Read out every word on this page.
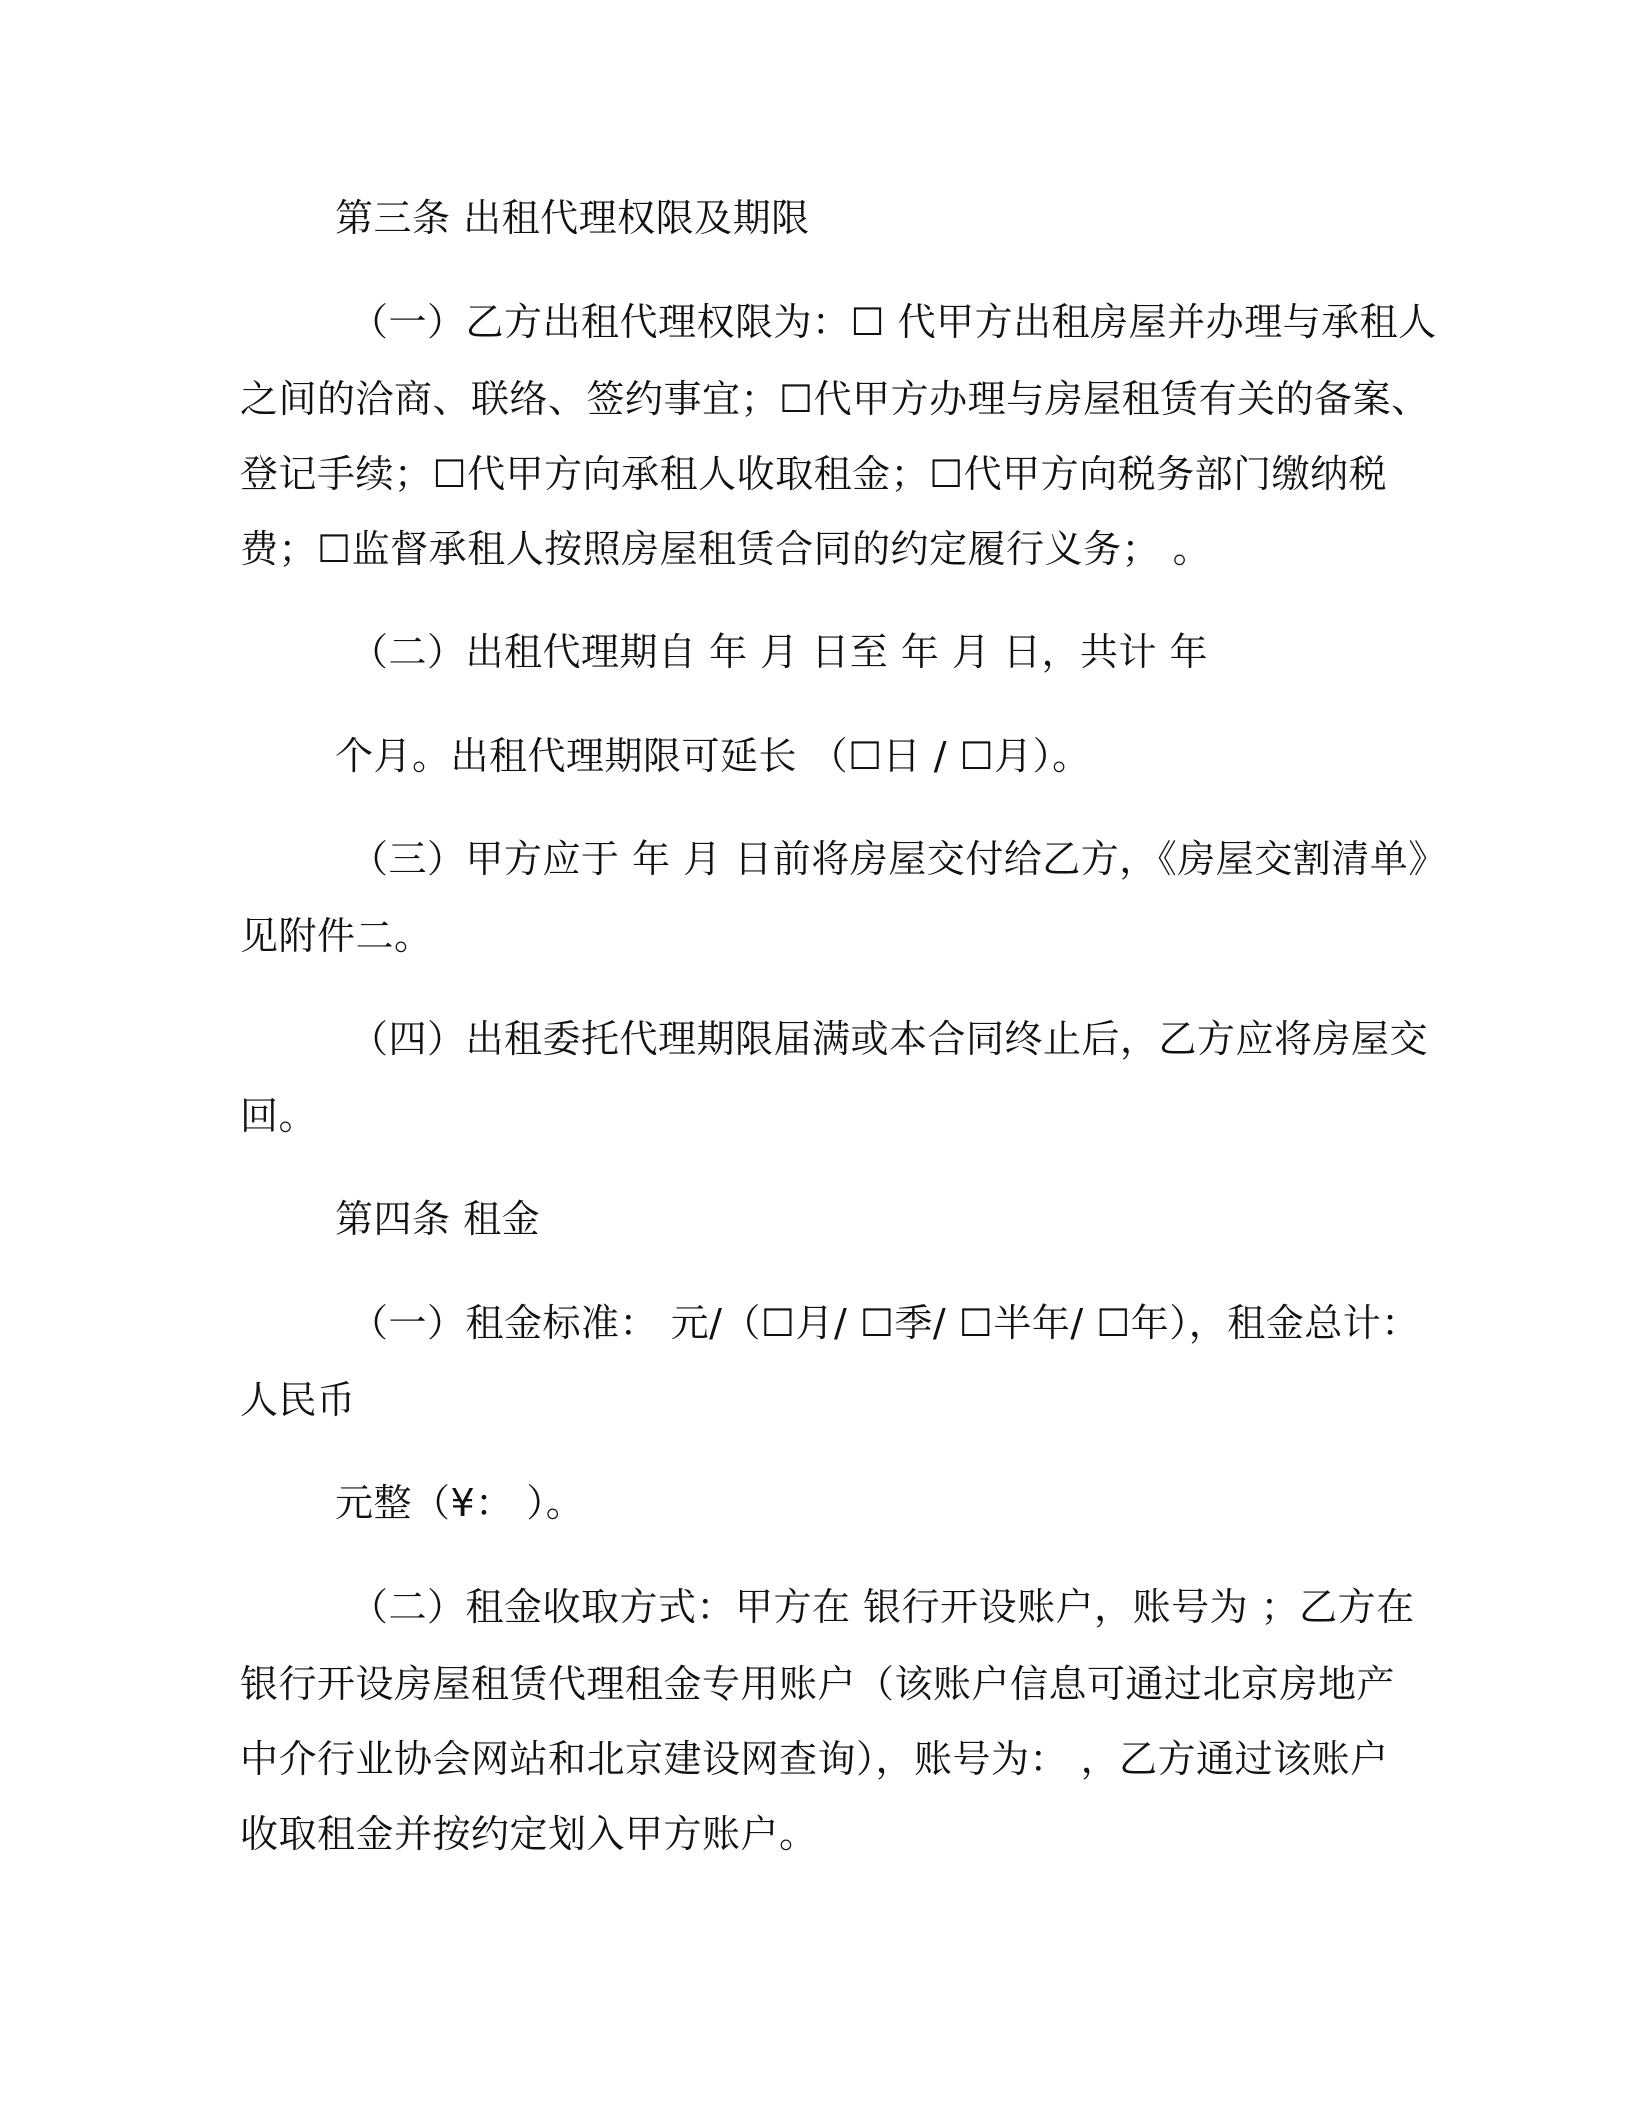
第三条 出租代理权限及期限
（一）乙方出租代理权限为：☐ 代甲方出租房屋并办理与承租人
之间的洽商、联络、签约事宜；☐代甲方办理与房屋租赁有关的备案、
登记手续；☐代甲方向承租人收取租金；☐代甲方向税务部门缴纳税
费；☐监督承租人按照房屋租赁合同的约定履行义务； 。
（二）出租代理期自 年 月 日至 年 月 日，共计 年
个月。出租代理期限可延长 （☐日 / ☐月）。
（三）甲方应于 年 月 日前将房屋交付给乙方，《房屋交割清单》
见附件二。
（四）出租委托代理期限届满或本合同终止后，乙方应将房屋交
回。
第四条 租金
（一）租金标准： 元/（☐月/ ☐季/ ☐半年/ ☐年），租金总计：
人民币
元整（¥： ）。
（二）租金收取方式：甲方在 银行开设账户，账号为 ；乙方在
银行开设房屋租赁代理租金专用账户（该账户信息可通过北京房地产
中介行业协会网站和北京建设网查询），账号为： ，乙方通过该账户
收取租金并按约定划入甲方账户。
